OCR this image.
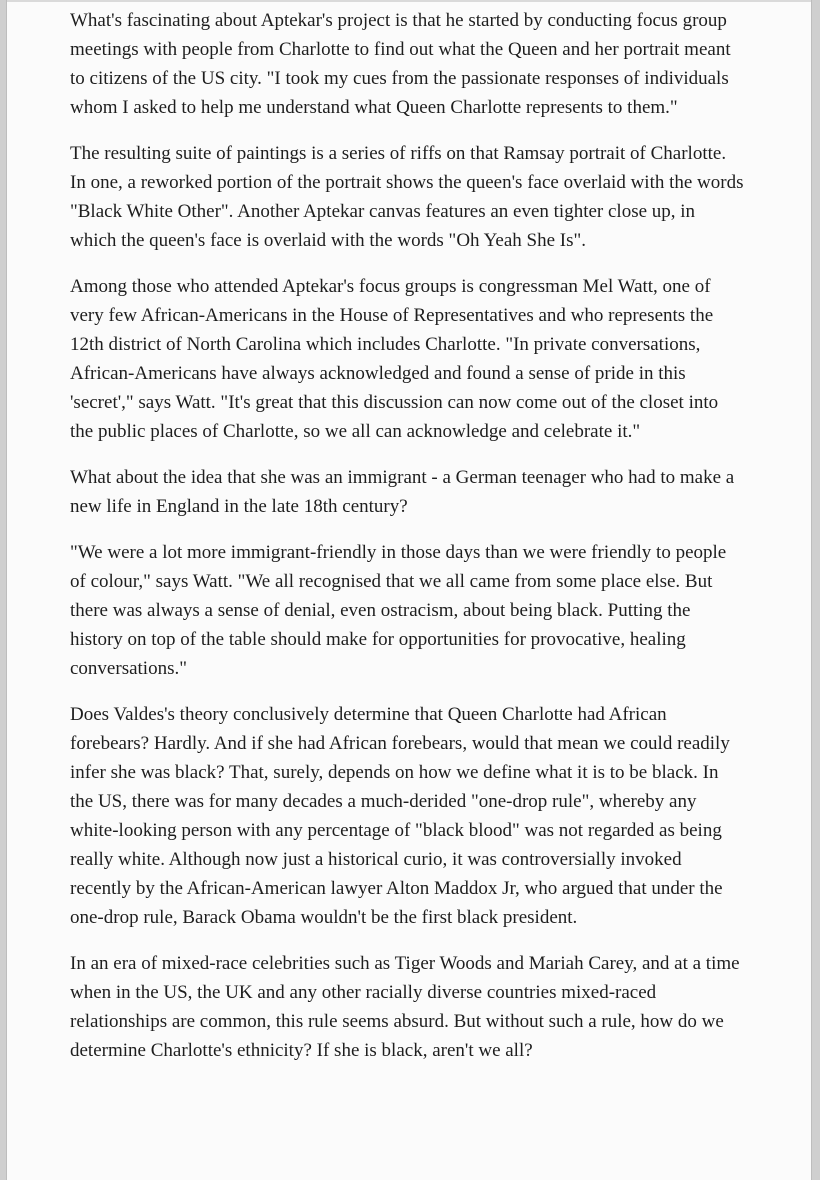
What's fascinating about Aptekar's project is that he started by conducting focus group meetings with people from Charlotte to find out what the Queen and her portrait meant to citizens of the US city. "I took my cues from the passionate responses of individuals whom I asked to help me understand what Queen Charlotte represents to them."

The resulting suite of paintings is a series of riffs on that Ramsay portrait of Charlotte. In one, a reworked portion of the portrait shows the queen's face overlaid with the words "Black White Other". Another Aptekar canvas features an even tighter close up, in which the queen's face is overlaid with the words "Oh Yeah She Is".

Among those who attended Aptekar's focus groups is congressman Mel Watt, one of very few African-Americans in the House of Representatives and who represents the 12th district of North Carolina which includes Charlotte. "In private conversations, African-Americans have always acknowledged and found a sense of pride in this 'secret'," says Watt. "It's great that this discussion can now come out of the closet into the public places of Charlotte, so we all can acknowledge and celebrate it."

What about the idea that she was an immigrant - a German teenager who had to make a new life in England in the late 18th century?

"We were a lot more immigrant-friendly in those days than we were friendly to people of colour," says Watt. "We all recognised that we all came from some place else. But there was always a sense of denial, even ostracism, about being black. Putting the history on top of the table should make for opportunities for provocative, healing conversations."

Does Valdes's theory conclusively determine that Queen Charlotte had African forebears? Hardly. And if she had African forebears, would that mean we could readily infer she was black? That, surely, depends on how we define what it is to be black. In the US, there was for many decades a much-derided "one-drop rule", whereby any white-looking person with any percentage of "black blood" was not regarded as being really white. Although now just a historical curio, it was controversially invoked recently by the African-American lawyer Alton Maddox Jr, who argued that under the one-drop rule, Barack Obama wouldn't be the first black president.

In an era of mixed-race celebrities such as Tiger Woods and Mariah Carey, and at a time when in the US, the UK and any other racially diverse countries mixed-raced relationships are common, this rule seems absurd. But without such a rule, how do we determine Charlotte's ethnicity? If she is black, aren't we all?
